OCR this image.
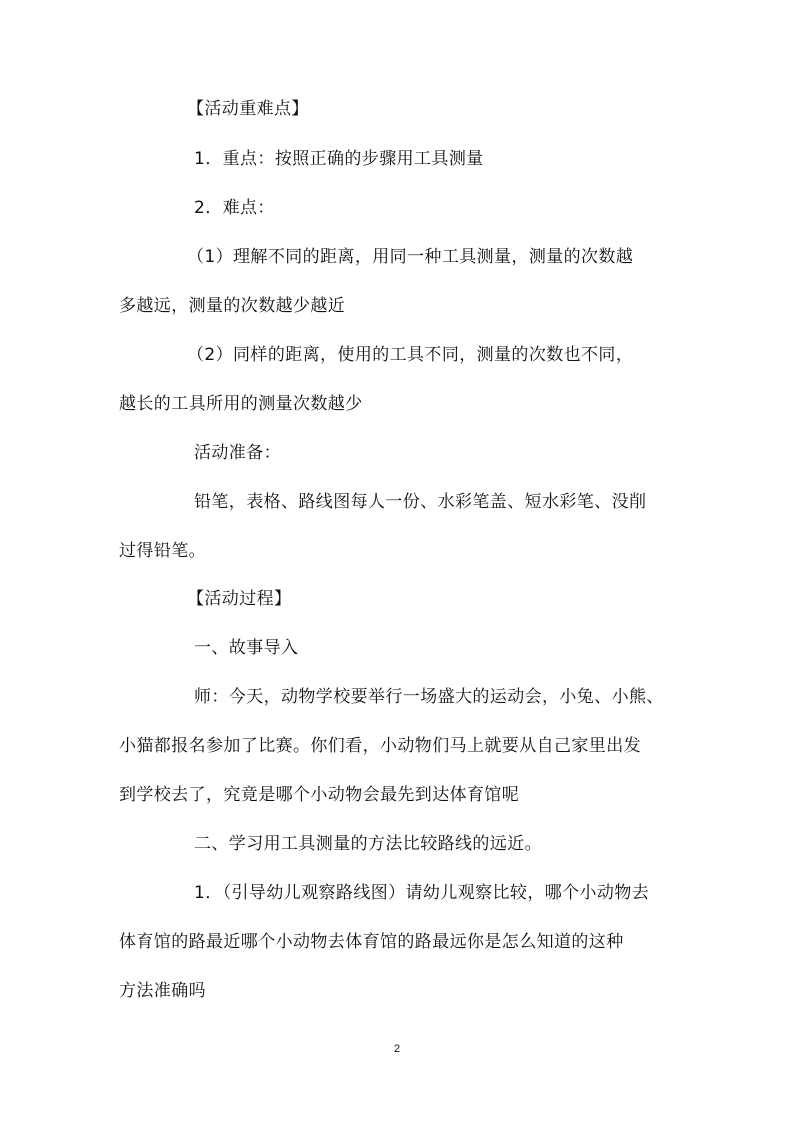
【活动重难点】
1．重点：按照正确的步骤用工具测量
2．难点：
（1）理解不同的距离，用同一种工具测量，测量的次数越
多越远，测量的次数越少越近
（2）同样的距离，使用的工具不同，测量的次数也不同，
越长的工具所用的测量次数越少
活动准备：
铅笔，表格、路线图每人一份、水彩笔盖、短水彩笔、没削
过得铅笔。
【活动过程】
一、故事导入
师：今天，动物学校要举行一场盛大的运动会，小兔、小熊、
小猫都报名参加了比赛。你们看，小动物们马上就要从自己家里出发
到学校去了，究竟是哪个小动物会最先到达体育馆呢
二、学习用工具测量的方法比较路线的远近。
1．（引导幼儿观察路线图）请幼儿观察比较，哪个小动物去
体育馆的路最近哪个小动物去体育馆的路最远你是怎么知道的这种
方法准确吗
2
